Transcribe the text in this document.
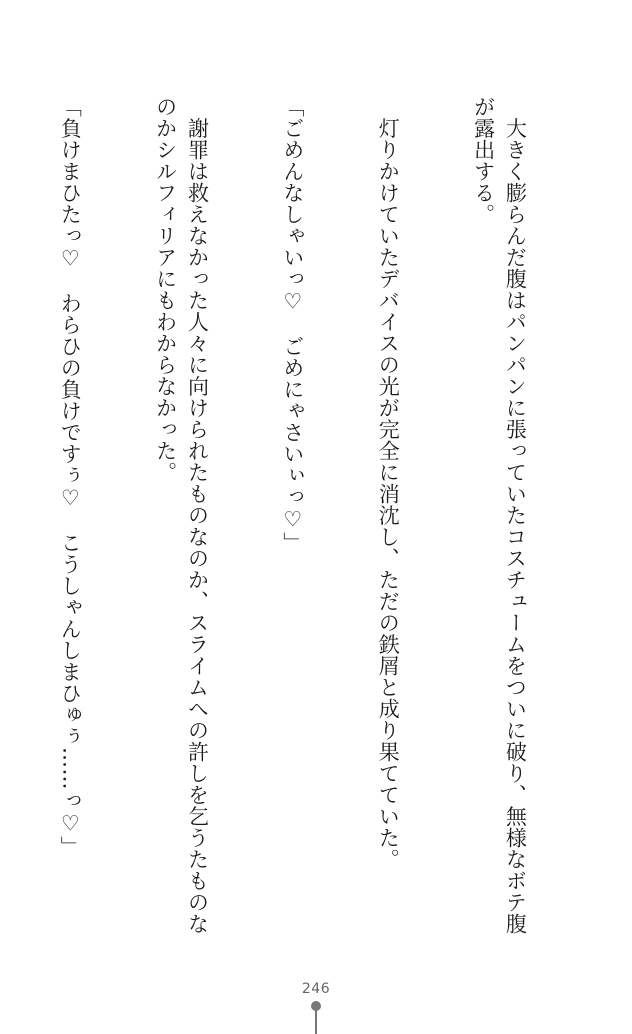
　大きく膨らんだ腹はパンパンに張っていたコスチュームをついに破り、無様なボテ腹が露出する。

　灯りかけていたデバイスの光が完全に消沈し、ただの鉄屑と成り果てていた。

「ごめんなしゃいっ♡　ごめにゃさいぃっ♡」

　謝罪は救えなかった人々に向けられたものなのか、スライムへの許しを乞うたものなのかシルフィリアにもわからなかった。

「負けまひたっ♡　わらひの負けですぅ♡　こうしゃんしまひゅぅ……っ♡」

246
